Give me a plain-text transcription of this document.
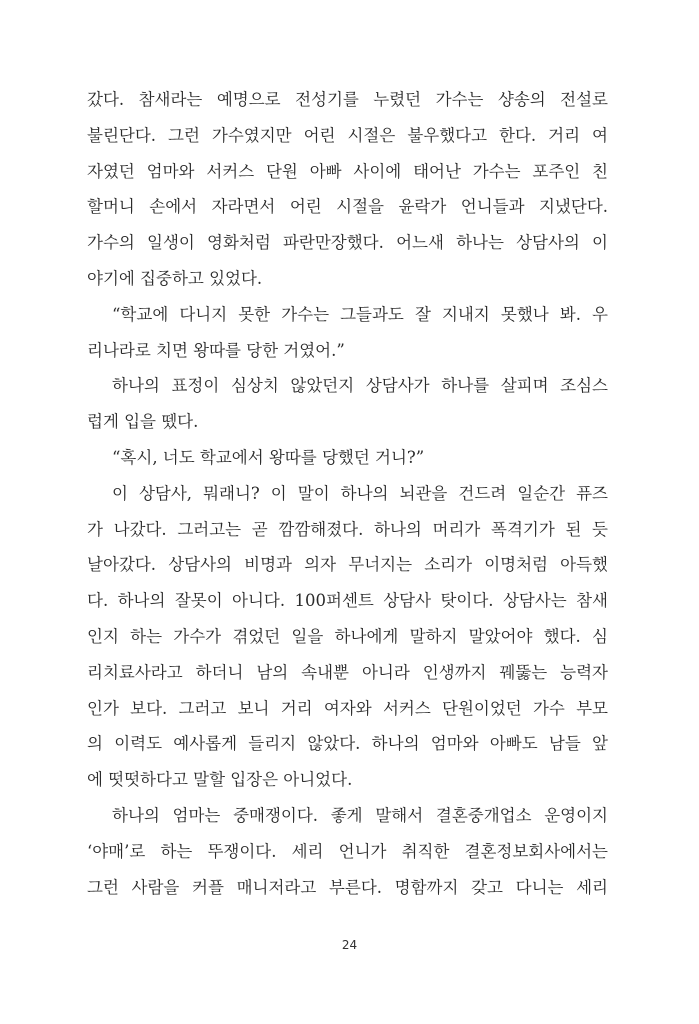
갔다. 참새라는 예명으로 전성기를 누렸던 가수는 샹송의 전설로
불린단다. 그런 가수였지만 어린 시절은 불우했다고 한다. 거리 여
자였던 엄마와 서커스 단원 아빠 사이에 태어난 가수는 포주인 친
할머니 손에서 자라면서 어린 시절을 윤락가 언니들과 지냈단다.
가수의 일생이 영화처럼 파란만장했다. 어느새 하나는 상담사의 이
야기에 집중하고 있었다.
“학교에 다니지 못한 가수는 그들과도 잘 지내지 못했나 봐. 우
리나라로 치면 왕따를 당한 거였어.”
하나의 표정이 심상치 않았던지 상담사가 하나를 살피며 조심스
럽게 입을 뗐다.
“혹시, 너도 학교에서 왕따를 당했던 거니?”
이 상담사, 뭐래니? 이 말이 하나의 뇌관을 건드려 일순간 퓨즈
가 나갔다. 그러고는 곧 깜깜해졌다. 하나의 머리가 폭격기가 된 듯
날아갔다. 상담사의 비명과 의자 무너지는 소리가 이명처럼 아득했
다. 하나의 잘못이 아니다. 100퍼센트 상담사 탓이다. 상담사는 참새
인지 하는 가수가 겪었던 일을 하나에게 말하지 말았어야 했다. 심
리치료사라고 하더니 남의 속내뿐 아니라 인생까지 꿰뚫는 능력자
인가 보다. 그러고 보니 거리 여자와 서커스 단원이었던 가수 부모
의 이력도 예사롭게 들리지 않았다. 하나의 엄마와 아빠도 남들 앞
에 떳떳하다고 말할 입장은 아니었다.
하나의 엄마는 중매쟁이다. 좋게 말해서 결혼중개업소 운영이지
‘야매’로 하는 뚜쟁이다. 세리 언니가 취직한 결혼정보회사에서는
그런 사람을 커플 매니저라고 부른다. 명함까지 갖고 다니는 세리
24
